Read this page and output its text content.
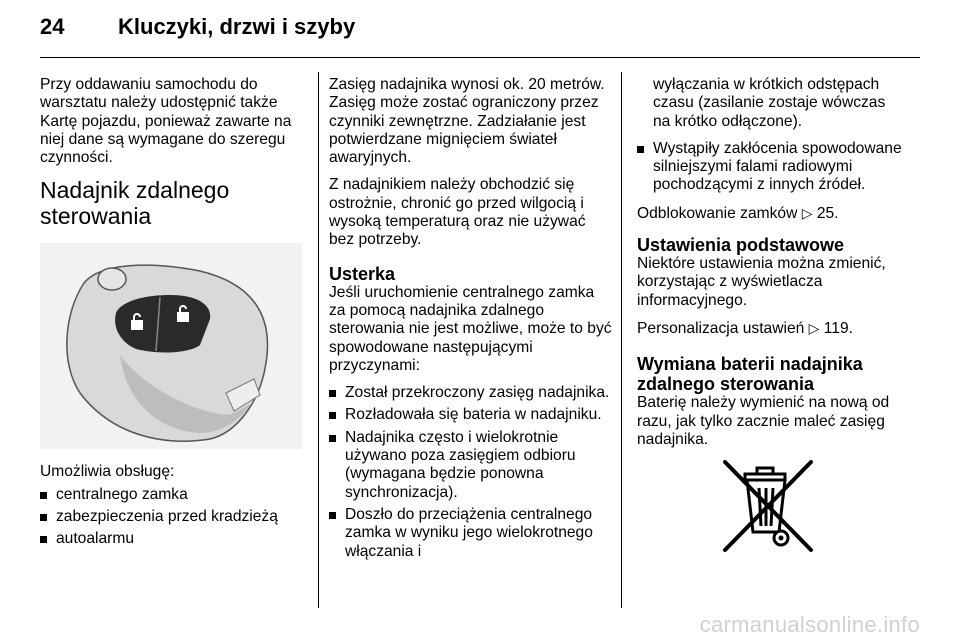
24 Kluczyki, drzwi i szyby

Przy oddawaniu samochodu do warsztatu należy udostępnić także Kartę pojazdu, ponieważ zawarte na niej dane są wymagane do szeregu czynności.

Nadajnik zdalnego sterowania

Umożliwia obsługę:

centralnego zamka
zabezpieczenia przed kradzieżą
autoalarmu

Zasięg nadajnika wynosi ok. 20 metrów. Zasięg może zostać ograniczony przez czynniki zewnętrzne. Zadziałanie jest potwierdzane mignięciem świateł awaryjnych.

Z nadajnikiem należy obchodzić się ostrożnie, chronić go przed wilgocią i wysoką temperaturą oraz nie używać bez potrzeby.

Usterka

Jeśli uruchomienie centralnego zamka za pomocą nadajnika zdalnego sterowania nie jest możliwe, może to być spowodowane następującymi przyczynami:

Został przekroczony zasięg nadajnika.
Rozładowała się bateria w nadajniku.
Nadajnika często i wielokrotnie używano poza zasięgiem odbioru (wymagana będzie ponowna synchronizacja).
Doszło do przeciążenia centralnego zamka w wyniku jego wielokrotnego włączania i
wyłączania w krótkich odstępach czasu (zasilanie zostaje wówczas na krótko odłączone).
Wystąpiły zakłócenia spowodowane silniejszymi falami radiowymi pochodzącymi z innych źródeł.

Odblokowanie zamków ▷ 25.

Ustawienia podstawowe

Niektóre ustawienia można zmienić, korzystając z wyświetlacza informacyjnego.

Personalizacja ustawień ▷ 119.

Wymiana baterii nadajnika zdalnego sterowania

Baterię należy wymienić na nową od razu, jak tylko zacznie maleć zasięg nadajnika.

carmanualsonline.info
